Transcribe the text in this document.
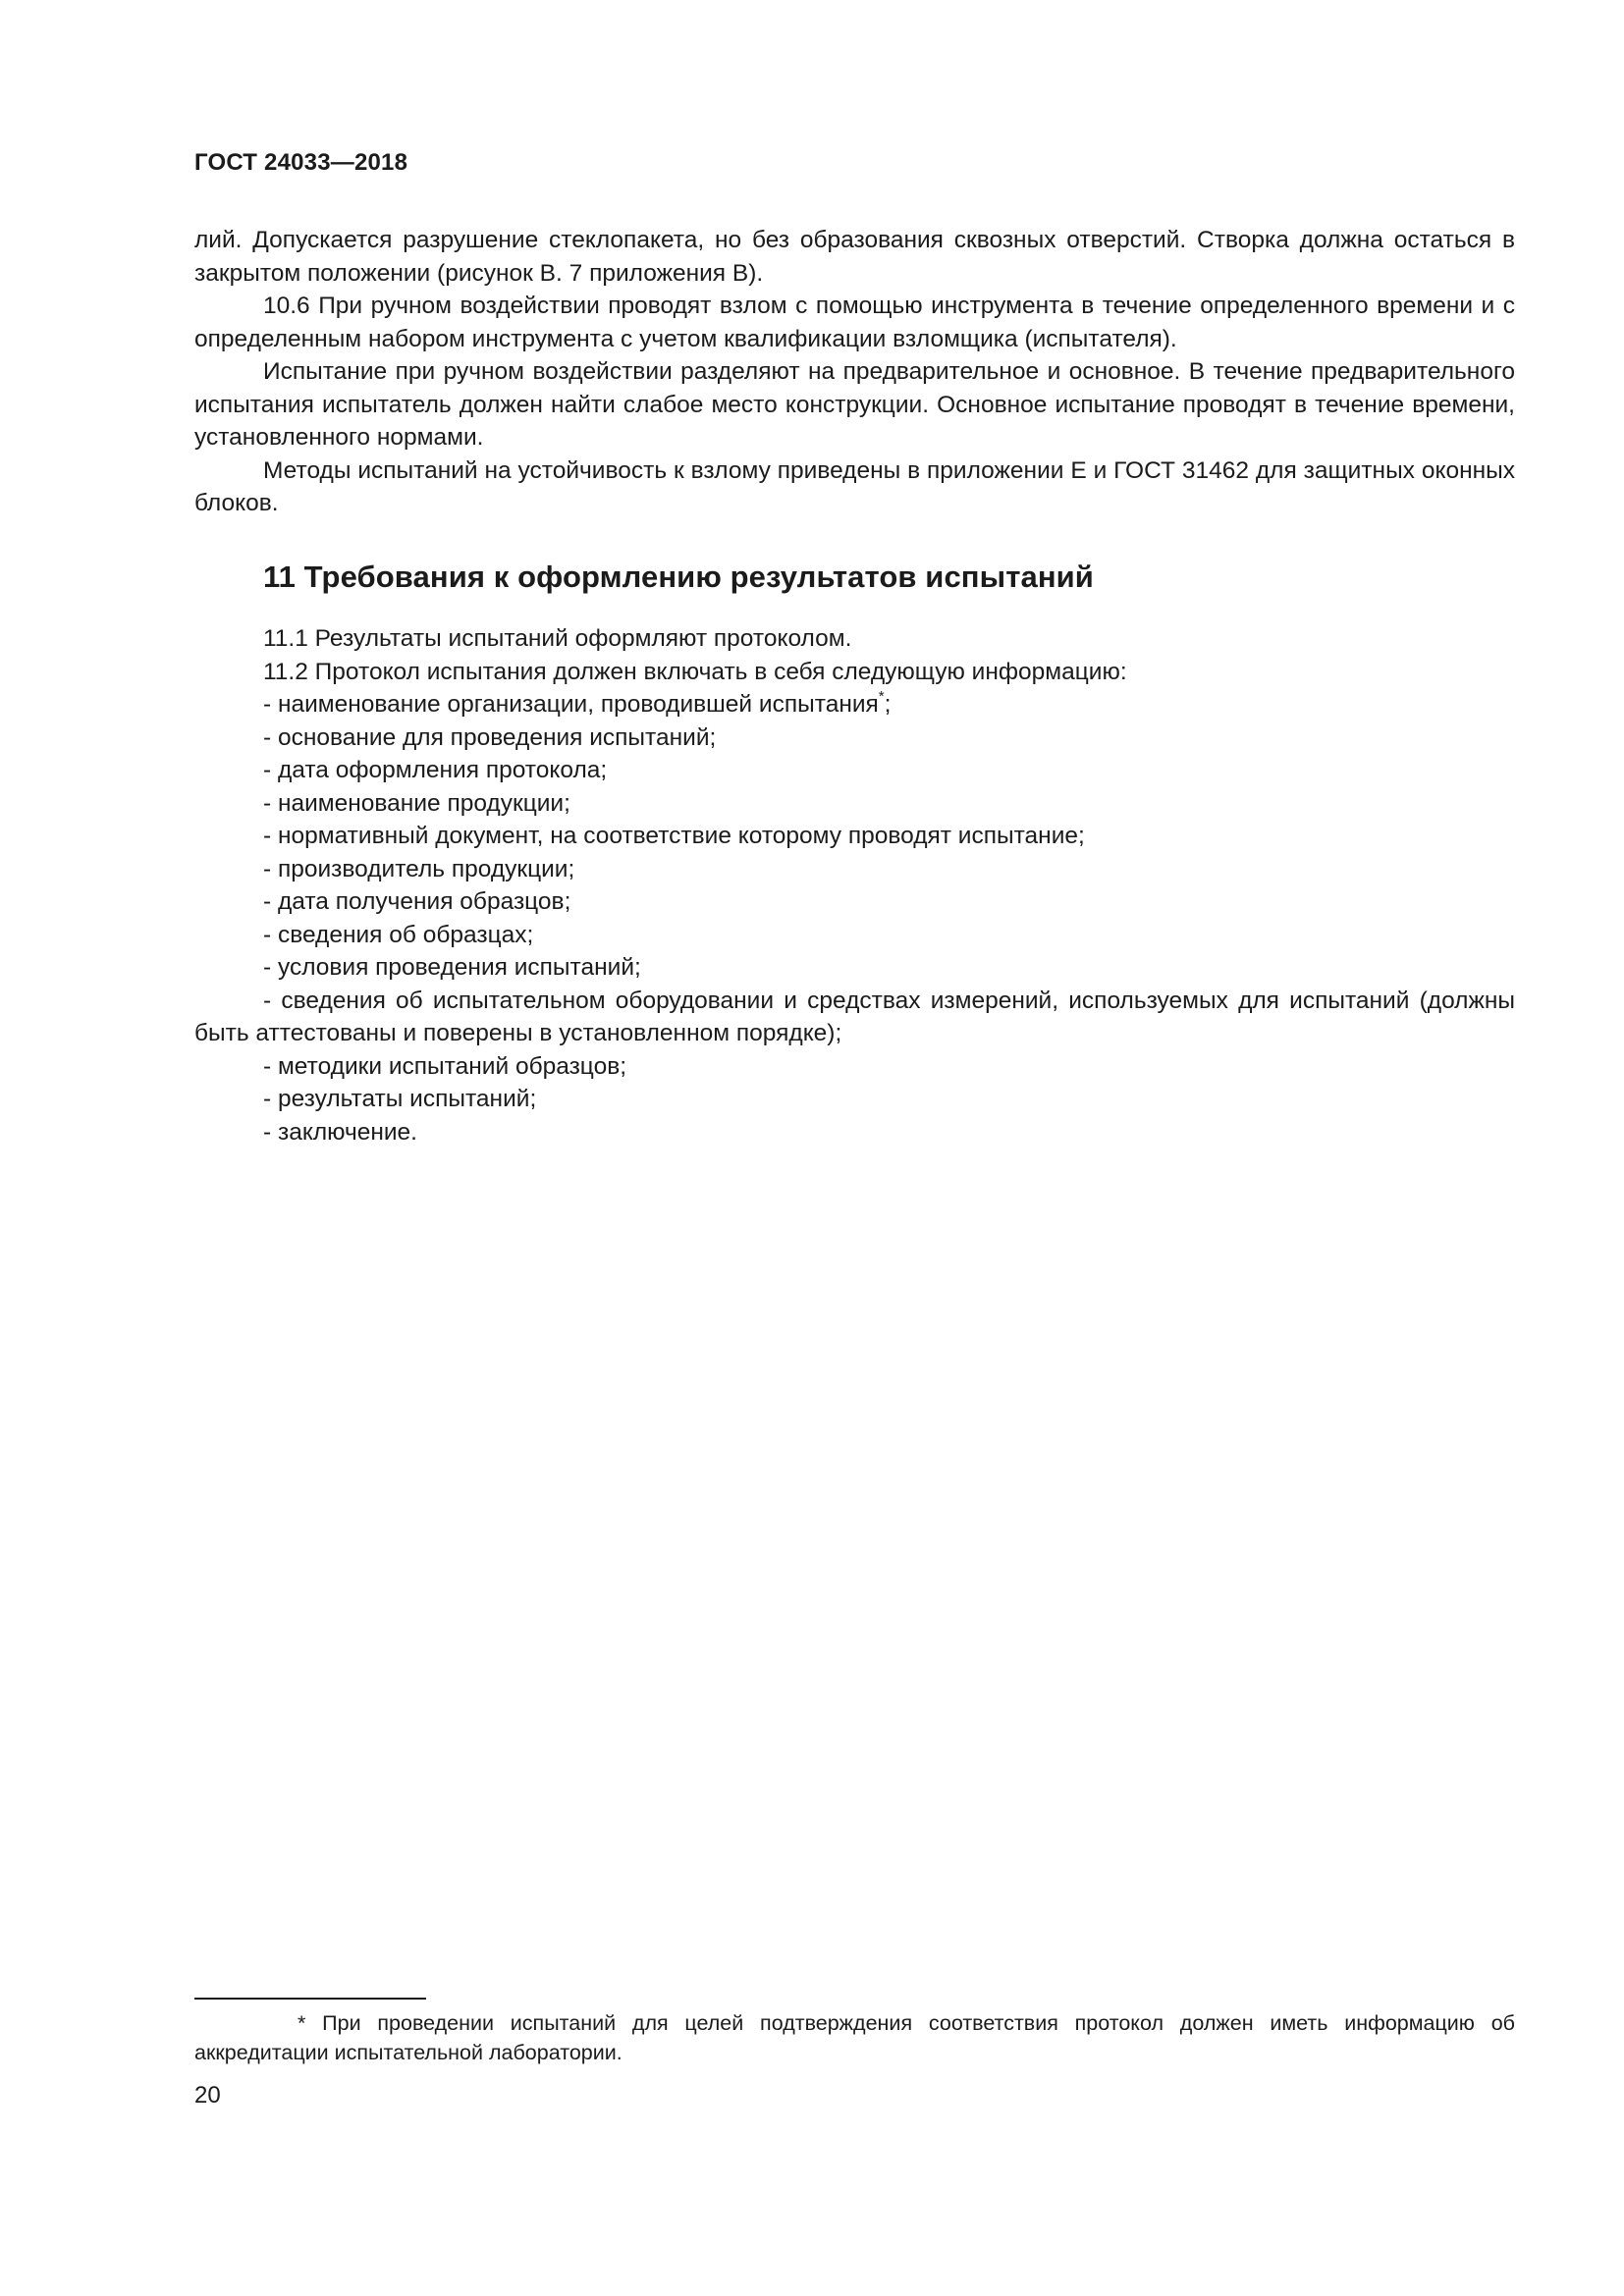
ГОСТ 24033—2018

лий. Допускается разрушение стеклопакета, но без образования сквозных отверстий. Створка должна остаться в закрытом положении (рисунок В. 7 приложения В).

10.6 При ручном воздействии проводят взлом с помощью инструмента в течение определенного времени и с определенным набором инструмента с учетом квалификации взломщика (испытателя).

Испытание при ручном воздействии разделяют на предварительное и основное. В течение предварительного испытания испытатель должен найти слабое место конструкции. Основное испытание проводят в течение времени, установленного нормами.

Методы испытаний на устойчивость к взлому приведены в приложении Е и ГОСТ 31462 для защитных оконных блоков.

11 Требования к оформлению результатов испытаний
11.1 Результаты испытаний оформляют протоколом.
11.2 Протокол испытания должен включать в себя следующую информацию:
- наименование организации, проводившей испытания*;
- основание для проведения испытаний;
- дата оформления протокола;
- наименование продукции;
- нормативный документ, на соответствие которому проводят испытание;
- производитель продукции;
- дата получения образцов;
- сведения об образцах;
- условия проведения испытаний;

- сведения об испытательном оборудовании и средствах измерений, используемых для испытаний (должны быть аттестованы и поверены в установленном порядке);

- методики испытаний образцов;
- результаты испытаний;
- заключение.

* При проведении испытаний для целей подтверждения соответствия протокол должен иметь информацию об аккредитации испытательной лаборатории.

20
